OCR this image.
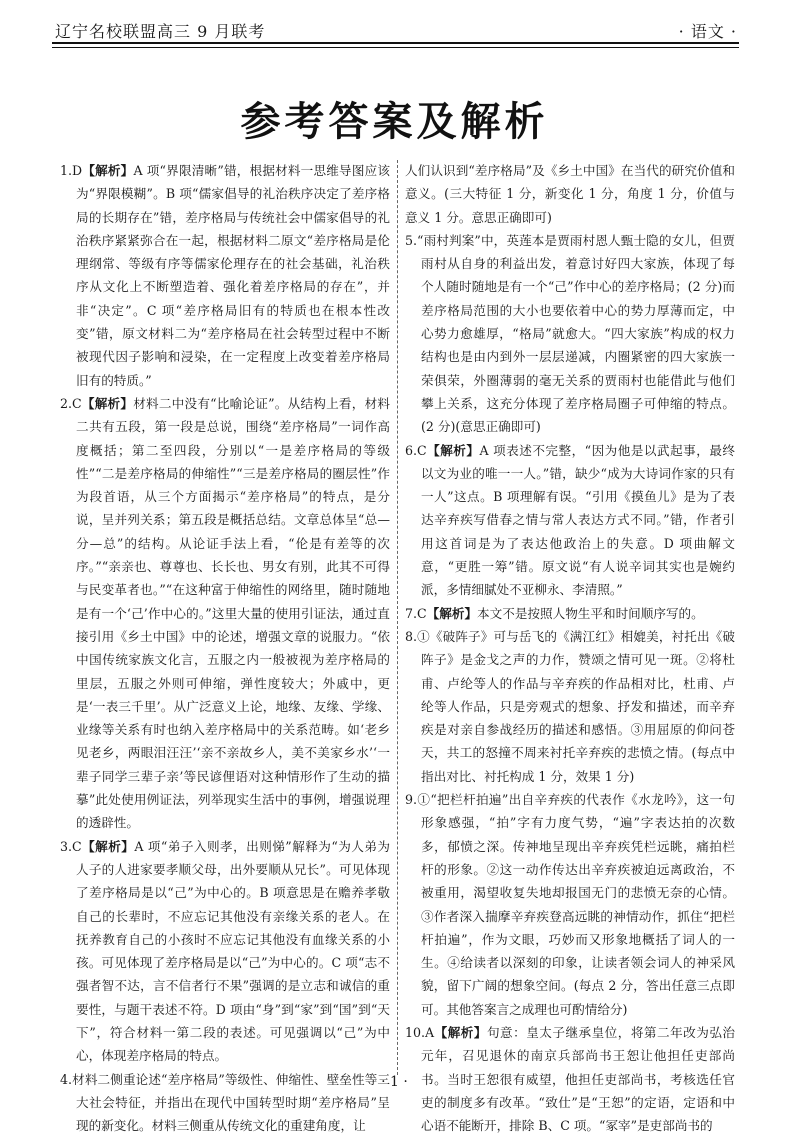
辽宁名校联盟高三 9 月联考	· 语文 ·
参考答案及解析

1.D【解析】A 项“界限清晰”错，根据材料一思维导图应该为“界限模糊”。B 项“儒家倡导的礼治秩序决定了差序格局的长期存在”错，差序格局与传统社会中儒家倡导的礼治秩序紧紧弥合在一起，根据材料二原文“差序格局是伦理纲常、等级有序等儒家伦理存在的社会基础，礼治秩序从文化上不断塑造着、强化着差序格局的存在”，并非“决定”。C 项“差序格局旧有的特质也在根本性改变”错，原文材料二为“差序格局在社会转型过程中不断被现代因子影响和浸染，在一定程度上改变着差序格局旧有的特质。”

2.C【解析】材料二中没有“比喻论证”。从结构上看，材料二共有五段，第一段是总说，围绕“差序格局”一词作高度概括；第二至四段，分别以“一是差序格局的等级性”“二是差序格局的伸缩性”“三是差序格局的圈层性”作为段首语，从三个方面揭示“差序格局”的特点，是分说，呈并列关系；第五段是概括总结。文章总体呈“总—分—总”的结构。从论证手法上看，“伦是有差等的次序。”“亲亲也、尊尊也、长长也、男女有别，此其不可得与民变革者也。”“在这种富于伸缩性的网络里，随时随地是有一个‘己’作中心的。”这里大量的使用引证法，通过直接引用《乡土中国》中的论述，增强文章的说服力。“依中国传统家族文化言，五服之内一般被视为差序格局的里层，五服之外则可伸缩，弹性度较大；外戚中，更是‘一表三千里’。从广泛意义上论，地缘、友缘、学缘、业缘等关系有时也纳入差序格局中的关系范畴。如‘老乡见老乡，两眼泪汪汪’‘亲不亲故乡人，美不美家乡水’‘一辈子同学三辈子亲’等民谚俚语对这种情形作了生动的描摹”此处使用例证法，列举现实生活中的事例，增强说理的透辟性。

3.C【解析】A 项“弟子入则孝，出则悌”解释为“为人弟为人子的人进家要孝顺父母，出外要顺从兄长”。可见体现了差序格局是以“己”为中心的。B 项意思是在赡养孝敬自己的长辈时，不应忘记其他没有亲缘关系的老人。在抚养教育自己的小孩时不应忘记其他没有血缘关系的小孩。可见体现了差序格局是以“己”为中心的。C 项“志不强者智不达，言不信者行不果”强调的是立志和诚信的重要性，与题干表述不符。D 项由“身”到“家”到“国”到“天下”，符合材料一第二段的表述。可见强调以“己”为中心，体现差序格局的特点。

4.材料二侧重论述“差序格局”等级性、伸缩性、壁垒性等三大社会特征，并指出在现代中国转型时期“差序格局”呈现的新变化。材料三侧重从传统文化的重建角度，让

人们认识到“差序格局”及《乡土中国》在当代的研究价值和意义。(三大特征 1 分，新变化 1 分，角度 1 分，价值与意义 1 分。意思正确即可)

5.“雨村判案”中，英莲本是贾雨村恩人甄士隐的女儿，但贾雨村从自身的利益出发，着意讨好四大家族，体现了每个人随时随地是有一个“己”作中心的差序格局；(2 分)而差序格局范围的大小也要依着中心的势力厚薄而定，中心势力愈雄厚，“格局”就愈大。“四大家族”构成的权力结构也是由内到外一层层递减，内圈紧密的四大家族一荣俱荣，外圈薄弱的毫无关系的贾雨村也能借此与他们攀上关系，这充分体现了差序格局圈子可伸缩的特点。(2 分)(意思正确即可)

6.C【解析】A 项表述不完整，“因为他是以武起事，最终以文为业的唯一一人。”错，缺少“成为大诗词作家的只有一人”这点。B 项理解有误。“引用《摸鱼儿》是为了表达辛弃疾写借春之情与常人表达方式不同。”错，作者引用这首词是为了表达他政治上的失意。D 项曲解文意，“更胜一筹”错。原文说“有人说辛词其实也是婉约派，多情细腻处不亚柳永、李清照。”

7.C【解析】本文不是按照人物生平和时间顺序写的。

8.①《破阵子》可与岳飞的《满江红》相媲美，衬托出《破阵子》是金戈之声的力作，赞颂之情可见一斑。②将杜甫、卢纶等人的作品与辛弃疾的作品相对比，杜甫、卢纶等人作品，只是旁观式的想象、抒发和描述，而辛弃疾是对亲自参战经历的描述和感悟。③用屈原的仰问苍天，共工的怒撞不周来衬托辛弃疾的悲愤之情。(每点中指出对比、衬托构成 1 分，效果 1 分)

9.①“把栏杆拍遍”出自辛弃疾的代表作《水龙吟》，这一句形象感强，“拍”字有力度气势，“遍”字表达拍的次数多，郁愤之深。传神地呈现出辛弃疾凭栏远眺，痛拍栏杆的形象。②这一动作传达出辛弃疾被迫远离政治，不被重用，渴望收复失地却报国无门的悲愤无奈的心情。③作者深入揣摩辛弃疾登高远眺的神情动作，抓住“把栏杆拍遍”，作为文眼，巧妙而又形象地概括了词人的一生。④给读者以深刻的印象，让读者领会词人的神采风貌，留下广阔的想象空间。(每点 2 分，答出任意三点即可。其他答案言之成理也可酌情给分)

10.A【解析】句意：皇太子继承皇位，将第二年改为弘治元年，召见退休的南京兵部尚书王恕让他担任吏部尚书。当时王恕很有威望，他担任吏部尚书，考核选任官吏的制度多有改革。“致仕”是“王恕”的定语，定语和中心语不能断开，排除 B、C 项。“冢宰”是吏部尚书的

· 1 ·
